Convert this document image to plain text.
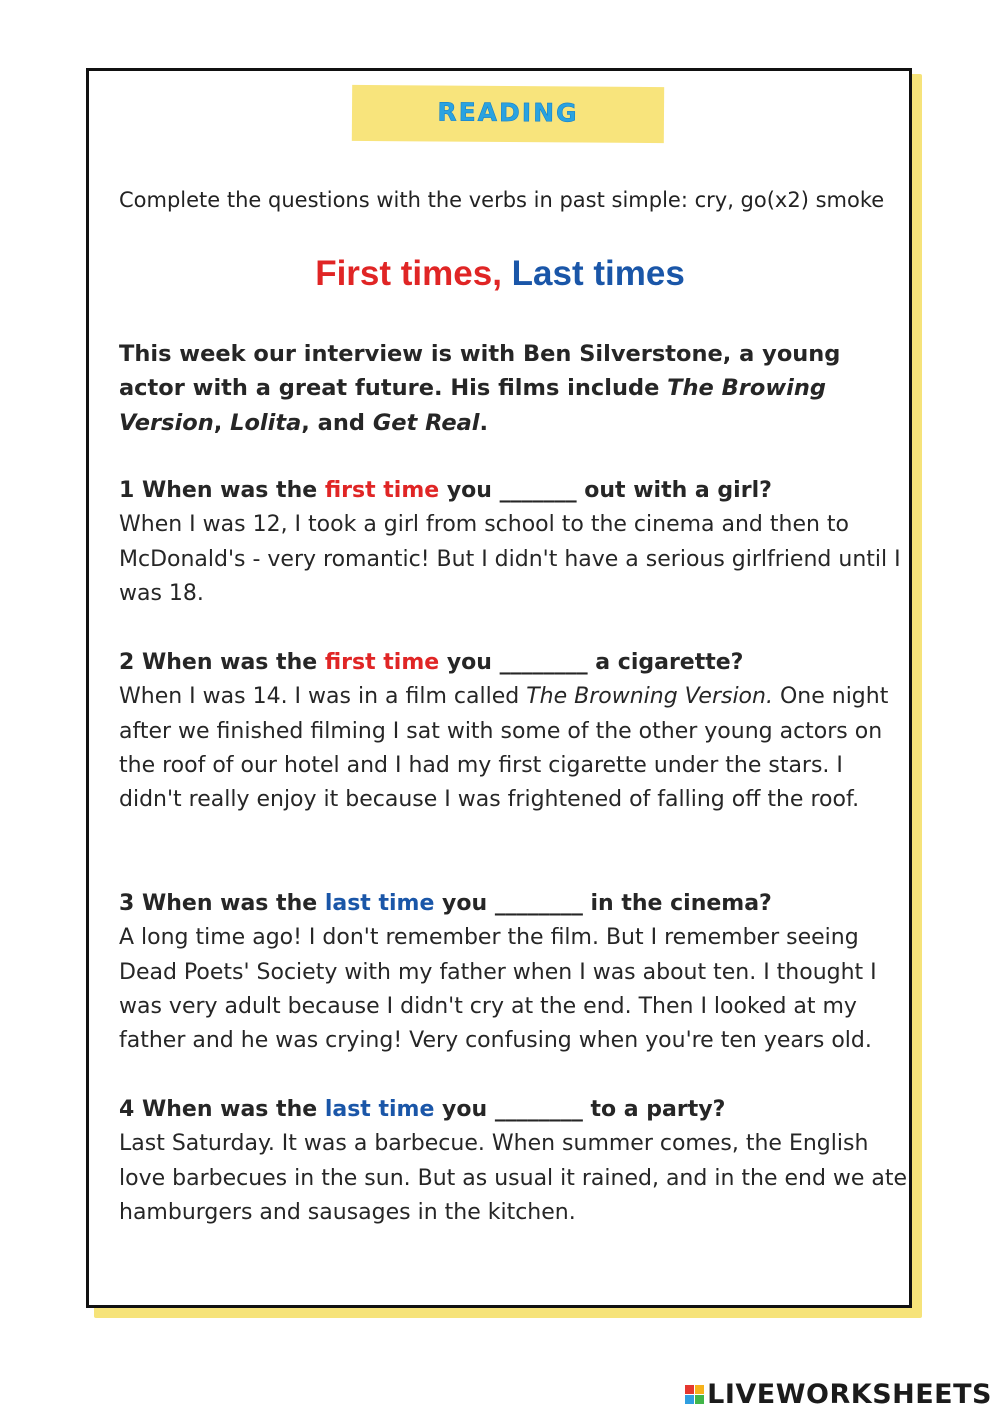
READING
Complete the questions with the verbs in past simple: cry, go(x2) smoke
First times, Last times
This week our interview is with Ben Silverstone, a young actor with a great future. His films include The Browing Version, Lolita, and Get Real.
1 When was the first time you _______ out with a girl?
When I was 12, I took a girl from school to the cinema and then to McDonald's - very romantic! But I didn't have a serious girlfriend until I was 18.
2 When was the first time you ________ a cigarette?
When I was 14. I was in a film called The Browning Version. One night after we finished filming I sat with some of the other young actors on the roof of our hotel and I had my first cigarette under the stars. I didn't really enjoy it because I was frightened of falling off the roof.
3 When was the last time you ________ in the cinema?
A long time ago! I don't remember the film. But I remember seeing Dead Poets' Society with my father when I was about ten. I thought I was very adult because I didn't cry at the end. Then I looked at my father and he was crying! Very confusing when you're ten years old.
4 When was the last time you ________ to a party?
Last Saturday. It was a barbecue. When summer comes, the English love barbecues in the sun. But as usual it rained, and in the end we ate hamburgers and sausages in the kitchen.
LIVEWORKSHEETS
